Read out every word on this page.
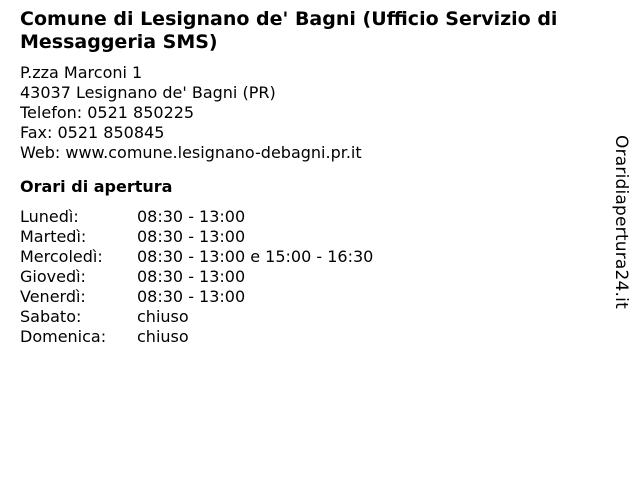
Comune di Lesignano de' Bagni (Ufficio Servizio di Messaggeria SMS)
P.zza Marconi 1
43037 Lesignano de' Bagni (PR)
Telefon: 0521 850225
Fax: 0521 850845
Web: www.comune.lesignano-debagni.pr.it
Orari di apertura
Lunedì:	08:30 - 13:00
Martedì:	08:30 - 13:00
Mercoledì:	08:30 - 13:00 e 15:00 - 16:30
Giovedì:	08:30 - 13:00
Venerdì:	08:30 - 13:00
Sabato:	chiuso
Domenica:	chiuso
Oraridiapertura24.it
